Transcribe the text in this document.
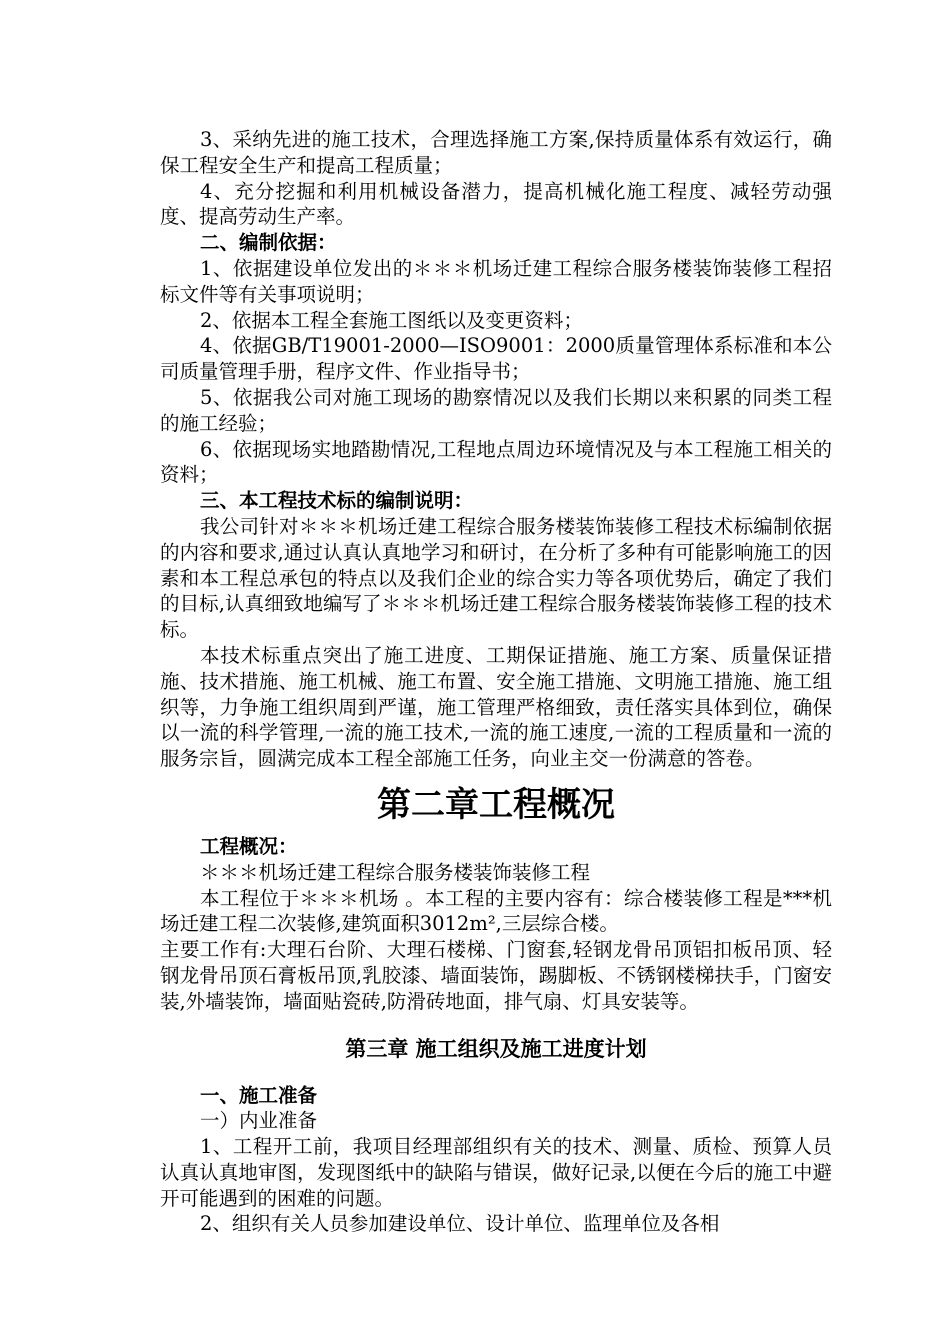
3、采纳先进的施工技术，合理选择施工方案,保持质量体系有效运行，确保工程安全生产和提高工程质量；

4、充分挖掘和利用机械设备潜力，提高机械化施工程度、减轻劳动强度、提高劳动生产率。

二、编制依据：

1、依据建设单位发出的＊＊＊机场迁建工程综合服务楼装饰装修工程招标文件等有关事项说明；

2、依据本工程全套施工图纸以及变更资料；

4、依据GB/T19001-2000—ISO9001：2000质量管理体系标准和本公司质量管理手册，程序文件、作业指导书；

5、依据我公司对施工现场的勘察情况以及我们长期以来积累的同类工程的施工经验；

6、依据现场实地踏勘情况,工程地点周边环境情况及与本工程施工相关的资料；

三、本工程技术标的编制说明：

我公司针对＊＊＊机场迁建工程综合服务楼装饰装修工程技术标编制依据的内容和要求,通过认真认真地学习和研讨，在分析了多种有可能影响施工的因素和本工程总承包的特点以及我们企业的综合实力等各项优势后，确定了我们的目标,认真细致地编写了＊＊＊机场迁建工程综合服务楼装饰装修工程的技术标。

本技术标重点突出了施工进度、工期保证措施、施工方案、质量保证措施、技术措施、施工机械、施工布置、安全施工措施、文明施工措施、施工组织等，力争施工组织周到严谨，施工管理严格细致，责任落实具体到位，确保以一流的科学管理,一流的施工技术,一流的施工速度,一流的工程质量和一流的服务宗旨，圆满完成本工程全部施工任务，向业主交一份满意的答卷。

第二章工程概况

工程概况：

＊＊＊机场迁建工程综合服务楼装饰装修工程

本工程位于＊＊＊机场 。本工程的主要内容有：综合楼装修工程是***机场迁建工程二次装修,建筑面积3012m²,三层综合楼。

主要工作有:大理石台阶、大理石楼梯、门窗套,轻钢龙骨吊顶铝扣板吊顶、轻钢龙骨吊顶石膏板吊顶,乳胶漆、墙面装饰，踢脚板、不锈钢楼梯扶手，门窗安装,外墙装饰，墙面贴瓷砖,防滑砖地面，排气扇、灯具安装等。

第三章 施工组织及施工进度计划

一、施工准备

一）内业准备

1、工程开工前，我项目经理部组织有关的技术、测量、质检、预算人员认真认真地审图，发现图纸中的缺陷与错误，做好记录,以便在今后的施工中避开可能遇到的困难的问题。

2、组织有关人员参加建设单位、设计单位、监理单位及各相
